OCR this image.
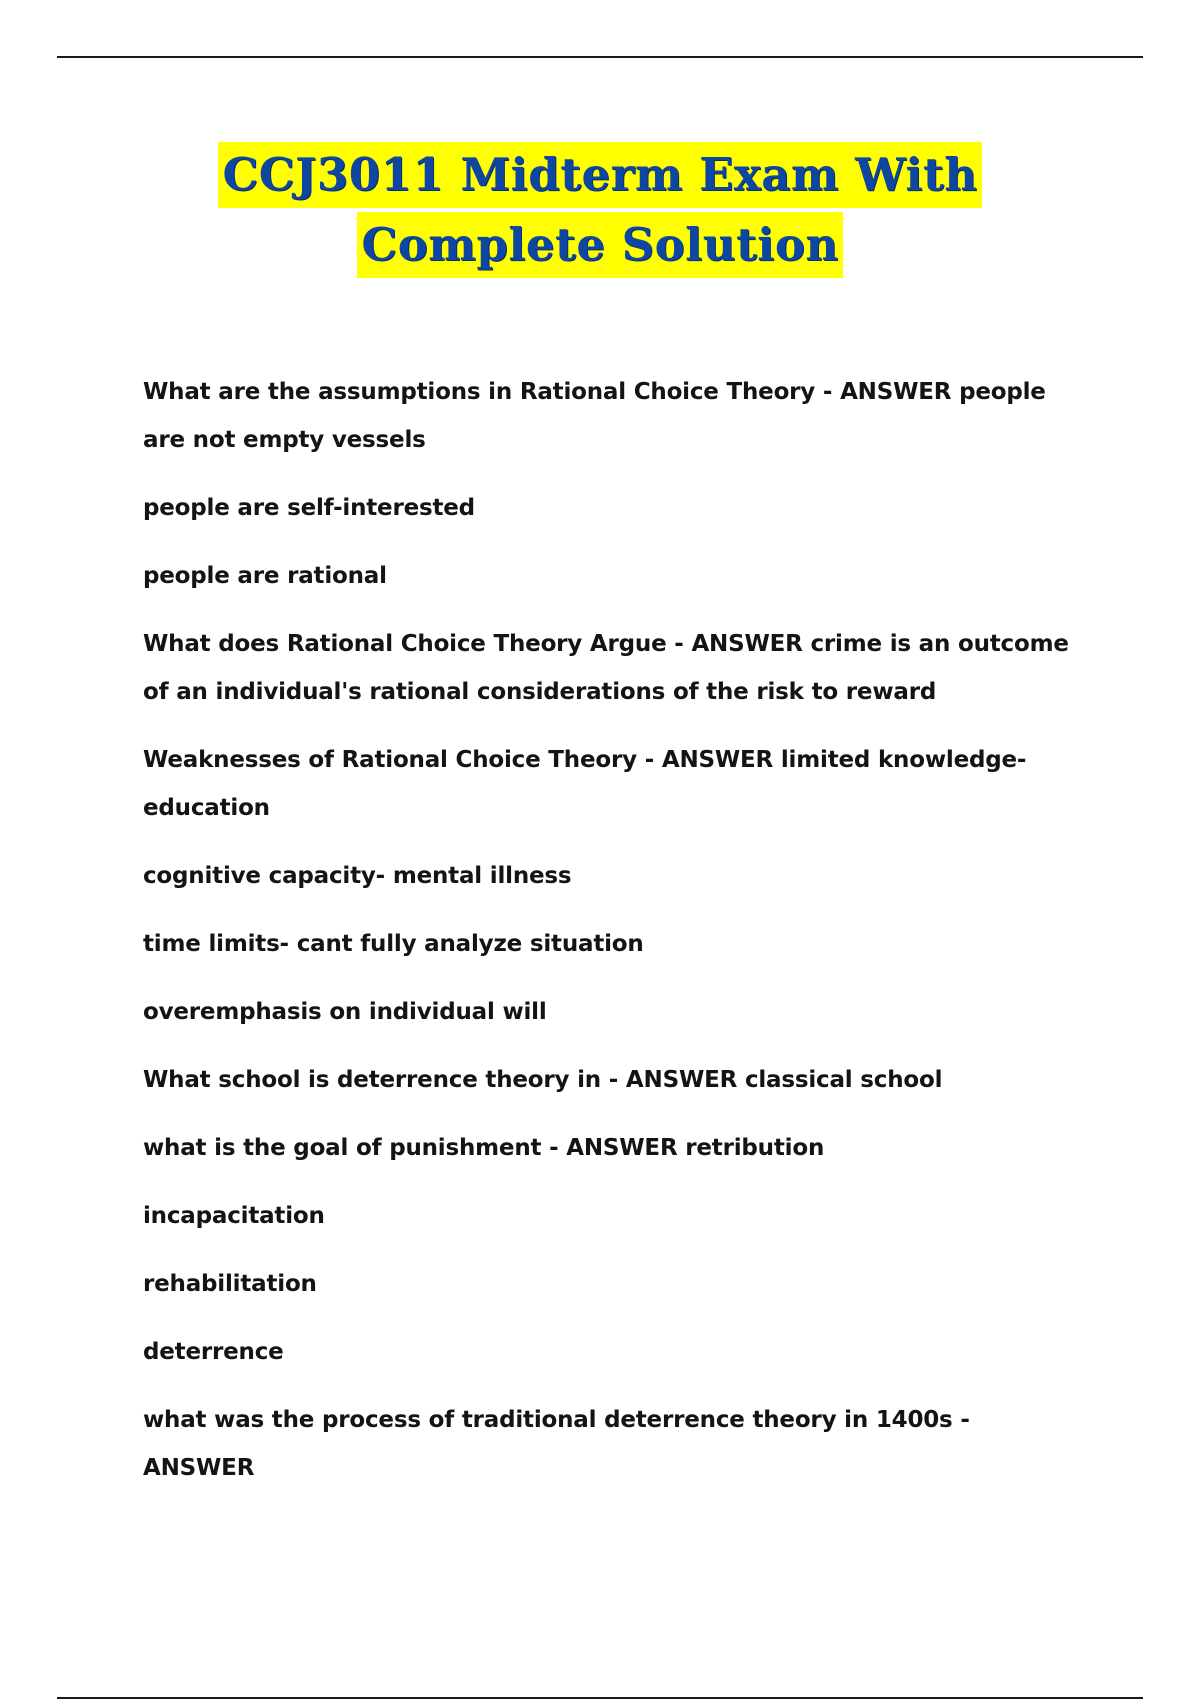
CCJ3011 Midterm Exam With
Complete Solution

What are the assumptions in Rational Choice Theory - ANSWER people are not empty vessels

people are self-interested

people are rational

What does Rational Choice Theory Argue - ANSWER crime is an outcome of an individual's rational considerations of the risk to reward

Weaknesses of Rational Choice Theory - ANSWER limited knowledge-education

cognitive capacity- mental illness

time limits- cant fully analyze situation

overemphasis on individual will

What school is deterrence theory in - ANSWER classical school

what is the goal of punishment - ANSWER retribution

incapacitation

rehabilitation

deterrence

what was the process of traditional deterrence theory in 1400s - ANSWER
